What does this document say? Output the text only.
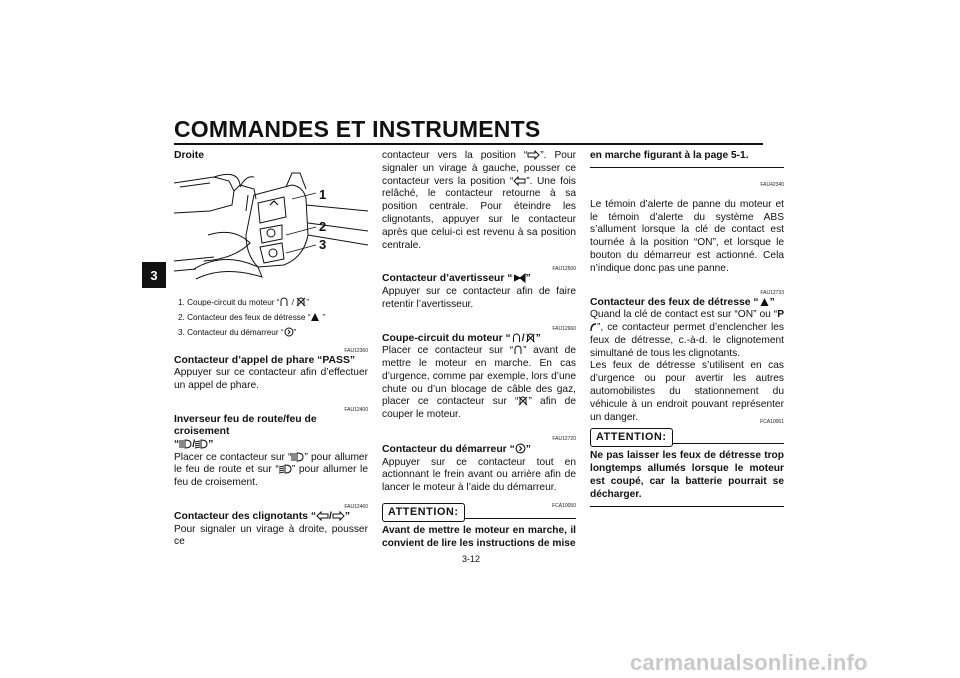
COMMANDES ET INSTRUMENTS
3

Droite

1
2
3
1. Coupe-circuit du moteur “ / ”
2. Contacteur des feux de détresse “ ”
3. Contacteur du démarreur “ ”

FAU12360

Contacteur d’appel de phare “PASS”

Appuyer sur ce contacteur afin d’effectuer un appel de phare.

FAU12400

Inverseur feu de route/feu de croisement
“ / ”

Placer ce contacteur sur “ ” pour allumer le feu de route et sur “ ” pour allumer le feu de croisement.

FAU12460

Contacteur des clignotants “ / ”

Pour signaler un virage à droite, pousser ce

contacteur vers la position “ ”. Pour signaler un virage à gauche, pousser ce contacteur vers la position “ ”. Une fois relâché, le contacteur retourne à sa position centrale. Pour éteindre les clignotants, appuyer sur le contacteur après que celui-ci est revenu à sa position centrale.

FAU12500

Contacteur d’avertisseur “ ”

Appuyer sur ce contacteur afin de faire retentir l’avertisseur.

FAU12660

Coupe-circuit du moteur “ / ”

Placer ce contacteur sur “ ” avant de mettre le moteur en marche. En cas d’urgence, comme par exemple, lors d’une chute ou d’un blocage de câble des gaz, placer ce contacteur sur “ ” afin de couper le moteur.

FAU12720

Contacteur du démarreur “ ”

Appuyer sur ce contacteur tout en actionnant le frein avant ou arrière afin de lancer le moteur à l’aide du démarreur.

ATTENTION:	FCA10050

Avant de mettre le moteur en marche, il convient de lire les instructions de mise

en marche figurant à la page 5-1.

FAU42340

Le témoin d’alerte de panne du moteur et le témoin d’alerte du système ABS s’allument lorsque la clé de contact est tournée à la position “ON”, et lorsque le bouton du démarreur est actionné. Cela n’indique donc pas une panne.

FAU12733

Contacteur des feux de détresse “ ”

Quand la clé de contact est sur “ON” ou “P”, ce contacteur permet d’enclencher les feux de détresse, c.-à-d. le clignotement simultané de tous les clignotants.
Les feux de détresse s’utilisent en cas d’urgence ou pour avertir les autres automobilistes du stationnement du véhicule à un endroit pouvant représenter un danger.

ATTENTION:
FCA10061

Ne pas laisser les feux de détresse trop longtemps allumés lorsque le moteur est coupé, car la batterie pourrait se décharger.

3-12
carmanualsonline.info
